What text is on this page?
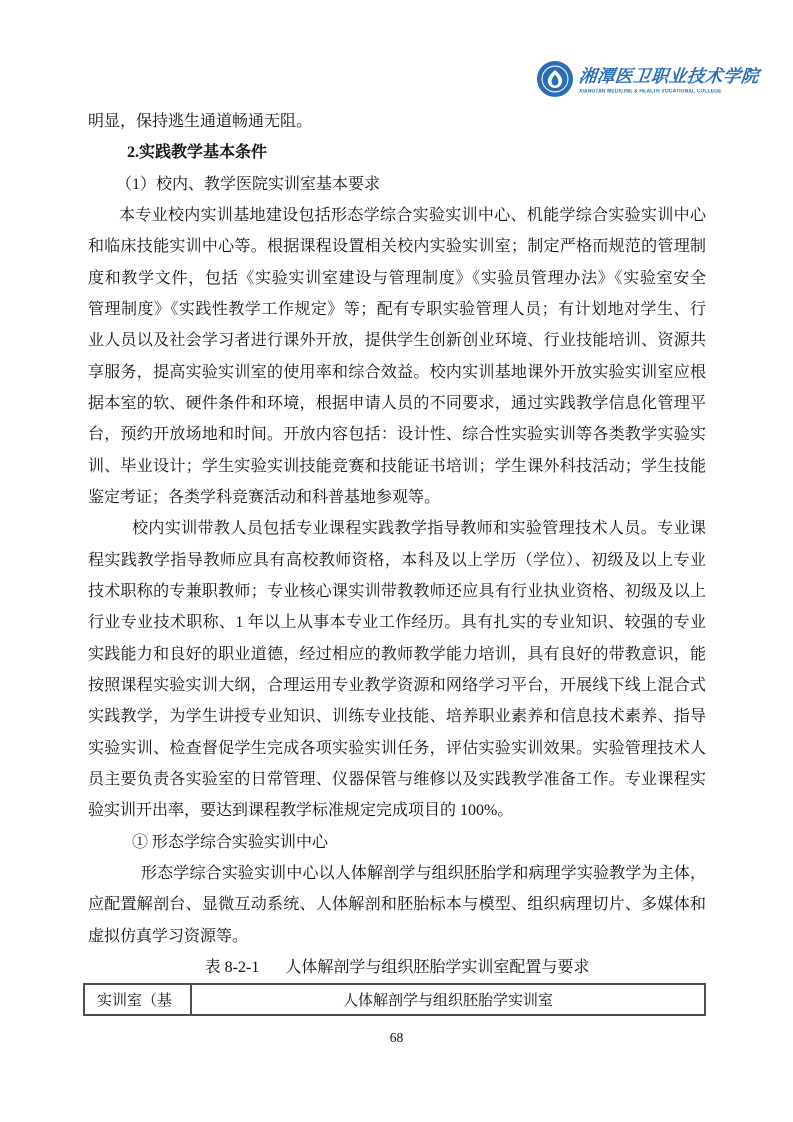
湘潭医卫职业技术学院
XIANGTAN MEDICINE & HEALTH VOCATIONAL COLLEGE
明显，保持逃生通道畅通无阻。
2.实践教学基本条件
（1）校内、教学医院实训室基本要求
本专业校内实训基地建设包括形态学综合实验实训中心、机能学综合实验实训中心
和临床技能实训中心等。根据课程设置相关校内实验实训室；制定严格而规范的管理制
度和教学文件，包括《实验实训室建设与管理制度》《实验员管理办法》《实验室安全
管理制度》《实践性教学工作规定》等；配有专职实验管理人员；有计划地对学生、行
业人员以及社会学习者进行课外开放，提供学生创新创业环境、行业技能培训、资源共
享服务，提高实验实训室的使用率和综合效益。校内实训基地课外开放实验实训室应根
据本室的软、硬件条件和环境，根据申请人员的不同要求，通过实践教学信息化管理平
台，预约开放场地和时间。开放内容包括：设计性、综合性实验实训等各类教学实验实
训、毕业设计；学生实验实训技能竞赛和技能证书培训；学生课外科技活动；学生技能
鉴定考证；各类学科竞赛活动和科普基地参观等。
校内实训带教人员包括专业课程实践教学指导教师和实验管理技术人员。专业课
程实践教学指导教师应具有高校教师资格，本科及以上学历（学位）、初级及以上专业
技术职称的专兼职教师；专业核心课实训带教教师还应具有行业执业资格、初级及以上
行业专业技术职称、1 年以上从事本专业工作经历。具有扎实的专业知识、较强的专业
实践能力和良好的职业道德，经过相应的教师教学能力培训，具有良好的带教意识，能
按照课程实验实训大纲，合理运用专业教学资源和网络学习平台，开展线下线上混合式
实践教学，为学生讲授专业知识、训练专业技能、培养职业素养和信息技术素养、指导
实验实训、检查督促学生完成各项实验实训任务，评估实验实训效果。实验管理技术人
员主要负责各实验室的日常管理、仪器保管与维修以及实践教学准备工作。专业课程实
验实训开出率，要达到课程教学标准规定完成项目的 100%。
① 形态学综合实验实训中心
形态学综合实验实训中心以人体解剖学与组织胚胎学和病理学实验教学为主体，
应配置解剖台、显微互动系统、人体解剖和胚胎标本与模型、组织病理切片、多媒体和
虚拟仿真学习资源等。
表 8-2-1 人体解剖学与组织胚胎学实训室配置与要求
实训室（基	人体解剖学与组织胚胎学实训室
68
